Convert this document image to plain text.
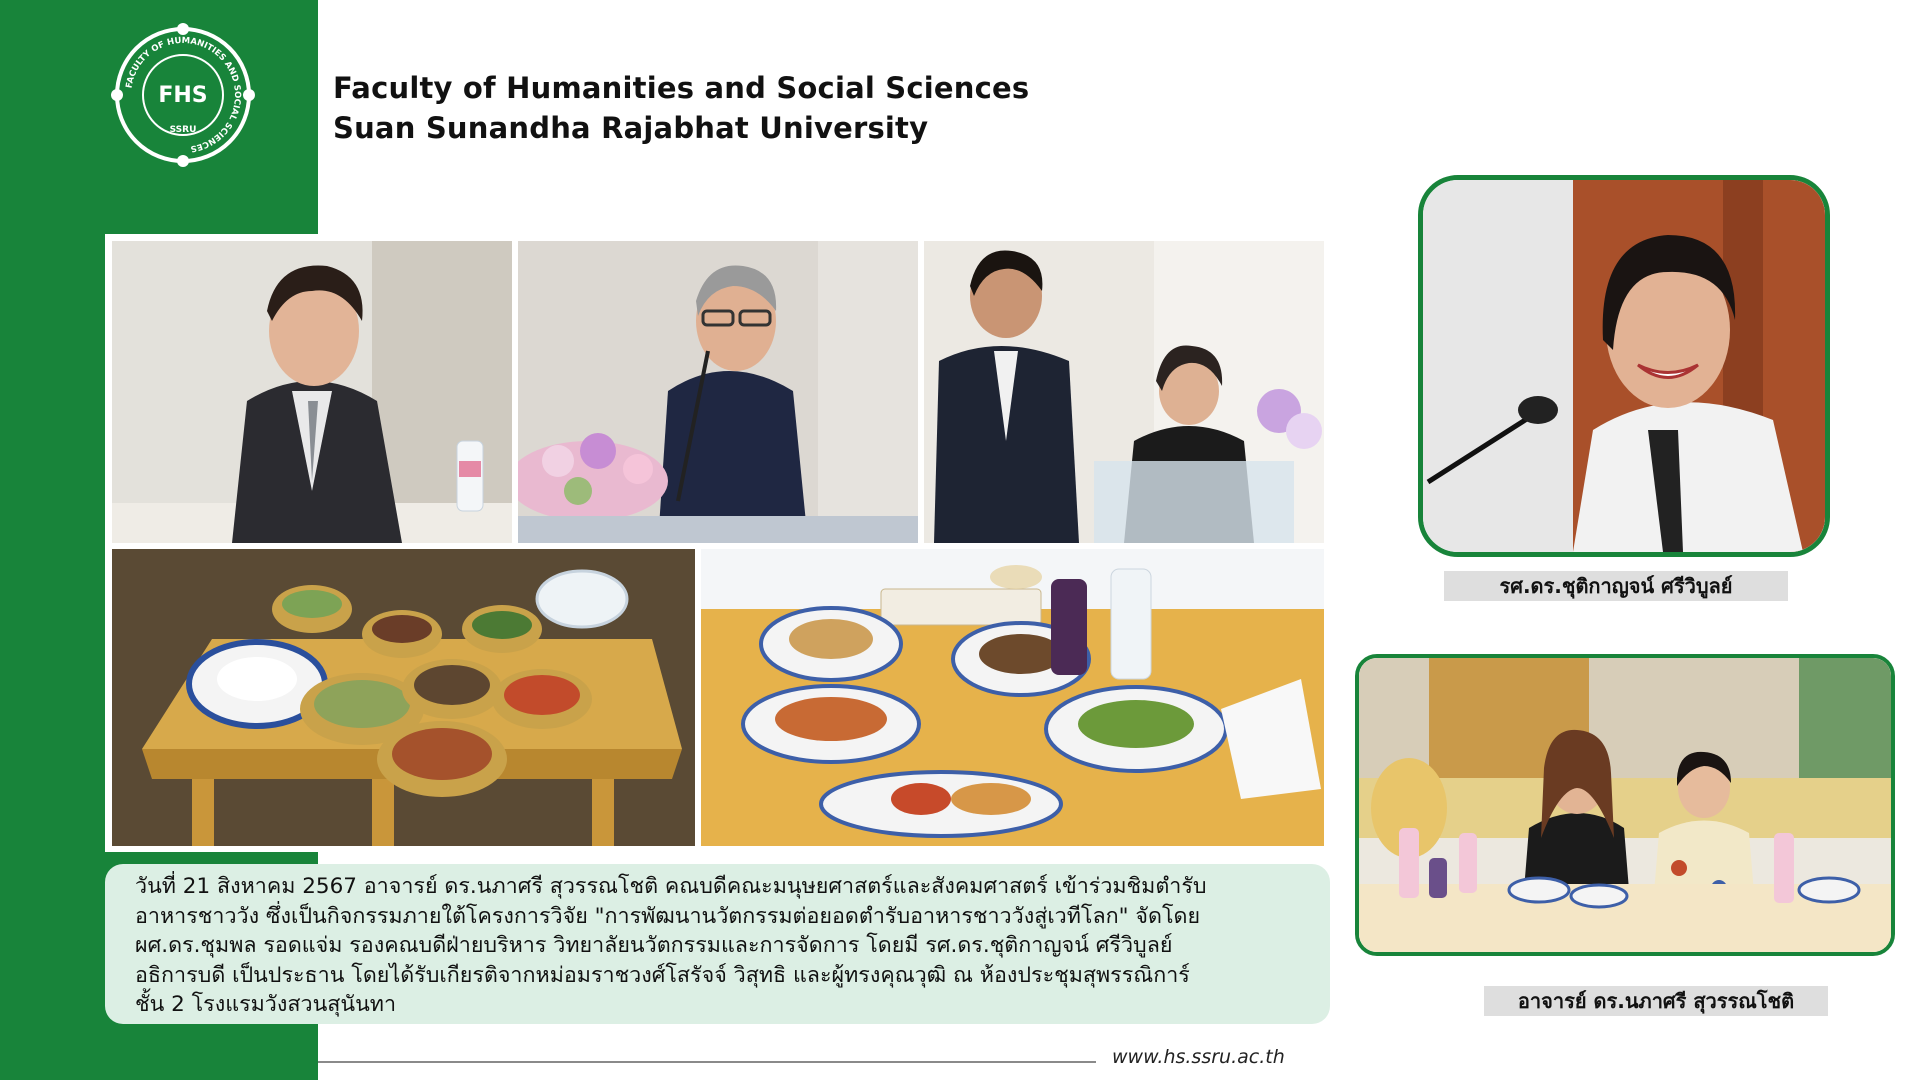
FACULTY OF HUMANITIES AND SOCIAL SCIENCES
FHS
SSRU
Faculty of Humanities and Social Sciences
Suan Sunandha Rajabhat University

วันที่ 21 สิงหาคม 2567 อาจารย์ ดร.นภาศรี สุวรรณโชติ คณบดีคณะมนุษยศาสตร์และสังคมศาสตร์ เข้าร่วมชิมตำรับ

อาหารชาววัง ซึ่งเป็นกิจกรรมภายใต้โครงการวิจัย "การพัฒนานวัตกรรมต่อยอดตำรับอาหารชาววังสู่เวทีโลก" จัดโดย

ผศ.ดร.ชุมพล รอดแจ่ม รองคณบดีฝ่ายบริหาร วิทยาลัยนวัตกรรมและการจัดการ โดยมี รศ.ดร.ชุติกาญจน์ ศรีวิบูลย์

อธิการบดี เป็นประธาน โดยได้รับเกียรติจากหม่อมราชวงศ์โสรัจจ์ วิสุทธิ และผู้ทรงคุณวุฒิ ณ ห้องประชุมสุพรรณิการ์

ชั้น 2 โรงแรมวังสวนสุนันทา

รศ.ดร.ชุติกาญจน์ ศรีวิบูลย์
อาจารย์ ดร.นภาศรี สุวรรณโชติ
www.hs.ssru.ac.th
